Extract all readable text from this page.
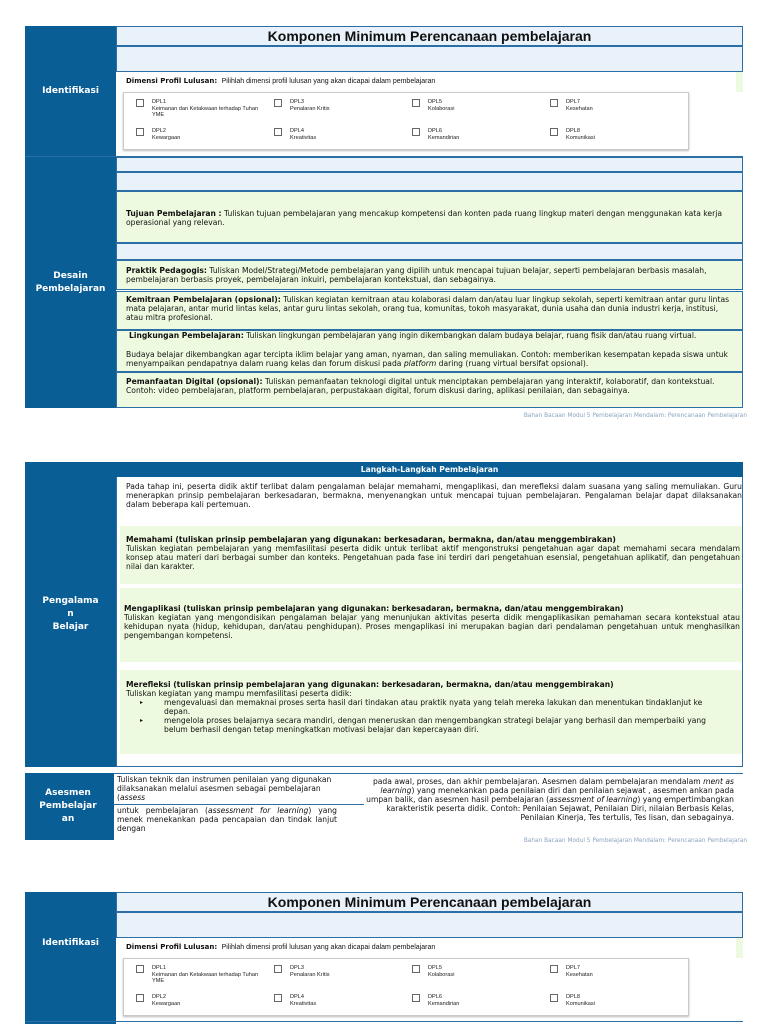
Identifikasi
Komponen Minimum Perencanaan pembelajaran
Dimensi Profil Lulusan: Pilihlah dimensi profil lulusan yang akan dicapai dalam pembelajaran
DPL1
Keimanan dan Ketakwaan terhadap Tuhan YME
DPL3
Penalaran Kritis
DPL5
Kolaborasi
DPL7
Kesehatan
DPL2
Kewargaan
DPL4
Kreativitas
DPL6
Kemandirian
DPL8
Komunikasi
Desain
Pembelajaran
Tujuan Pembelajaran : Tuliskan tujuan pembelajaran yang mencakup kompetensi dan konten pada ruang lingkup materi dengan menggunakan kata kerja operasional yang relevan.
Praktik Pedagogis: Tuliskan Model/Strategi/Metode pembelajaran yang dipilih untuk mencapai tujuan belajar, seperti pembelajaran berbasis masalah, pembelajaran berbasis proyek, pembelajaran inkuiri, pembelajaran kontekstual, dan sebagainya.
Kemitraan Pembelajaran (opsional): Tuliskan kegiatan kemitraan atau kolaborasi dalam dan/atau luar lingkup sekolah, seperti kemitraan antar guru lintas mata pelajaran, antar murid lintas kelas, antar guru lintas sekolah, orang tua, komunitas, tokoh masyarakat, dunia usaha dan dunia industri kerja, institusi, atau mitra profesional.
Lingkungan Pembelajaran: Tuliskan lingkungan pembelajaran yang ingin dikembangkan dalam budaya belajar, ruang fisik dan/atau ruang virtual.
Budaya belajar dikembangkan agar tercipta iklim belajar yang aman, nyaman, dan saling memuliakan. Contoh: memberikan kesempatan kepada siswa untuk menyampaikan pendapatnya dalam ruang kelas dan forum diskusi pada platform daring (ruang virtual bersifat opsional).
Pemanfaatan Digital (opsional): Tuliskan pemanfaatan teknologi digital untuk menciptakan pembelajaran yang interaktif, kolaboratif, dan kontekstual. Contoh: video pembelajaran, platform pembelajaran, perpustakaan digital, forum diskusi daring, aplikasi penilaian, dan sebagainya.
Bahan Bacaan Modul 5 Pembelajaran Mendalam: Perencanaan Pembelajaran
Pengalama
n
Belajar
Langkah-Langkah Pembelajaran
Pada tahap ini, peserta didik aktif terlibat dalam pengalaman belajar memahami, mengaplikasi, dan merefleksi dalam suasana yang saling memuliakan. Guru menerapkan prinsip pembelajaran berkesadaran, bermakna, menyenangkan untuk mencapai tujuan pembelajaran. Pengalaman belajar dapat dilaksanakan dalam beberapa kali pertemuan.
Memahami (tuliskan prinsip pembelajaran yang digunakan: berkesadaran, bermakna, dan/atau menggembirakan)
Tuliskan kegiatan pembelajaran yang memfasilitasi peserta didik untuk terlibat aktif mengonstruksi pengetahuan agar dapat memahami secara mendalam konsep atau materi dari berbagai sumber dan konteks. Pengetahuan pada fase ini terdiri dari pengetahuan esensial, pengetahuan aplikatif, dan pengetahuan nilai dan karakter.
Mengaplikasi (tuliskan prinsip pembelajaran yang digunakan: berkesadaran, bermakna, dan/atau menggembirakan)
Tuliskan kegiatan yang mengondisikan pengalaman belajar yang menunjukan aktivitas peserta didik mengaplikasikan pemahaman secara kontekstual atau kehidupan nyata (hidup, kehidupan, dan/atau penghidupan). Proses mengaplikasi ini merupakan bagian dari pendalaman pengetahuan untuk menghasilkan pengembangan kompetensi.
Merefleksi (tuliskan prinsip pembelajaran yang digunakan: berkesadaran, bermakna, dan/atau menggembirakan)
Tuliskan kegiatan yang mampu memfasilitasi peserta didik:
▸ mengevaluasi dan memaknai proses serta hasil dari tindakan atau praktik nyata yang telah mereka lakukan dan menentukan tindaklanjut ke depan.
▸ mengelola proses belajarnya secara mandiri, dengan meneruskan dan mengembangkan strategi belajar yang berhasil dan memperbaiki yang belum berhasil dengan tetap meningkatkan motivasi belajar dan kepercayaan diri.
Asesmen
Pembelajar
an
Tuliskan teknik dan instrumen penilaian yang digunakan dilaksanakan melalui asesmen sebagai pembelajaran (assess
untuk pembelajaran (assessment for learning) yang menek menekankan pada pencapaian dan tindak lanjut dengan
pada awal, proses, dan akhir pembelajaran. Asesmen dalam pembelajaran mendalam ment as learning) yang menekankan pada penilaian diri dan penilaian sejawat , asesmen ankan pada umpan balik, dan asesmen hasil pembelajaran (assessment of learning) yang empertimbangkan karakteristik peserta didik. Contoh: Penilaian Sejawat, Penilaian Diri, nilaian Berbasis Kelas, Penilaian Kinerja, Tes tertulis, Tes lisan, dan sebagainya.
Bahan Bacaan Modul 5 Pembelajaran Mendalam: Perencanaan Pembelajaran
Identifikasi
Komponen Minimum Perencanaan pembelajaran
Dimensi Profil Lulusan: Pilihlah dimensi profil lulusan yang akan dicapai dalam pembelajaran
DPL1
Keimanan dan Ketakwaan terhadap Tuhan YME
DPL3
Penalaran Kritis
DPL5
Kolaborasi
DPL7
Kesehatan
DPL2
Kewargaan
DPL4
Kreativitas
DPL6
Kemandirian
DPL8
Komunikasi
